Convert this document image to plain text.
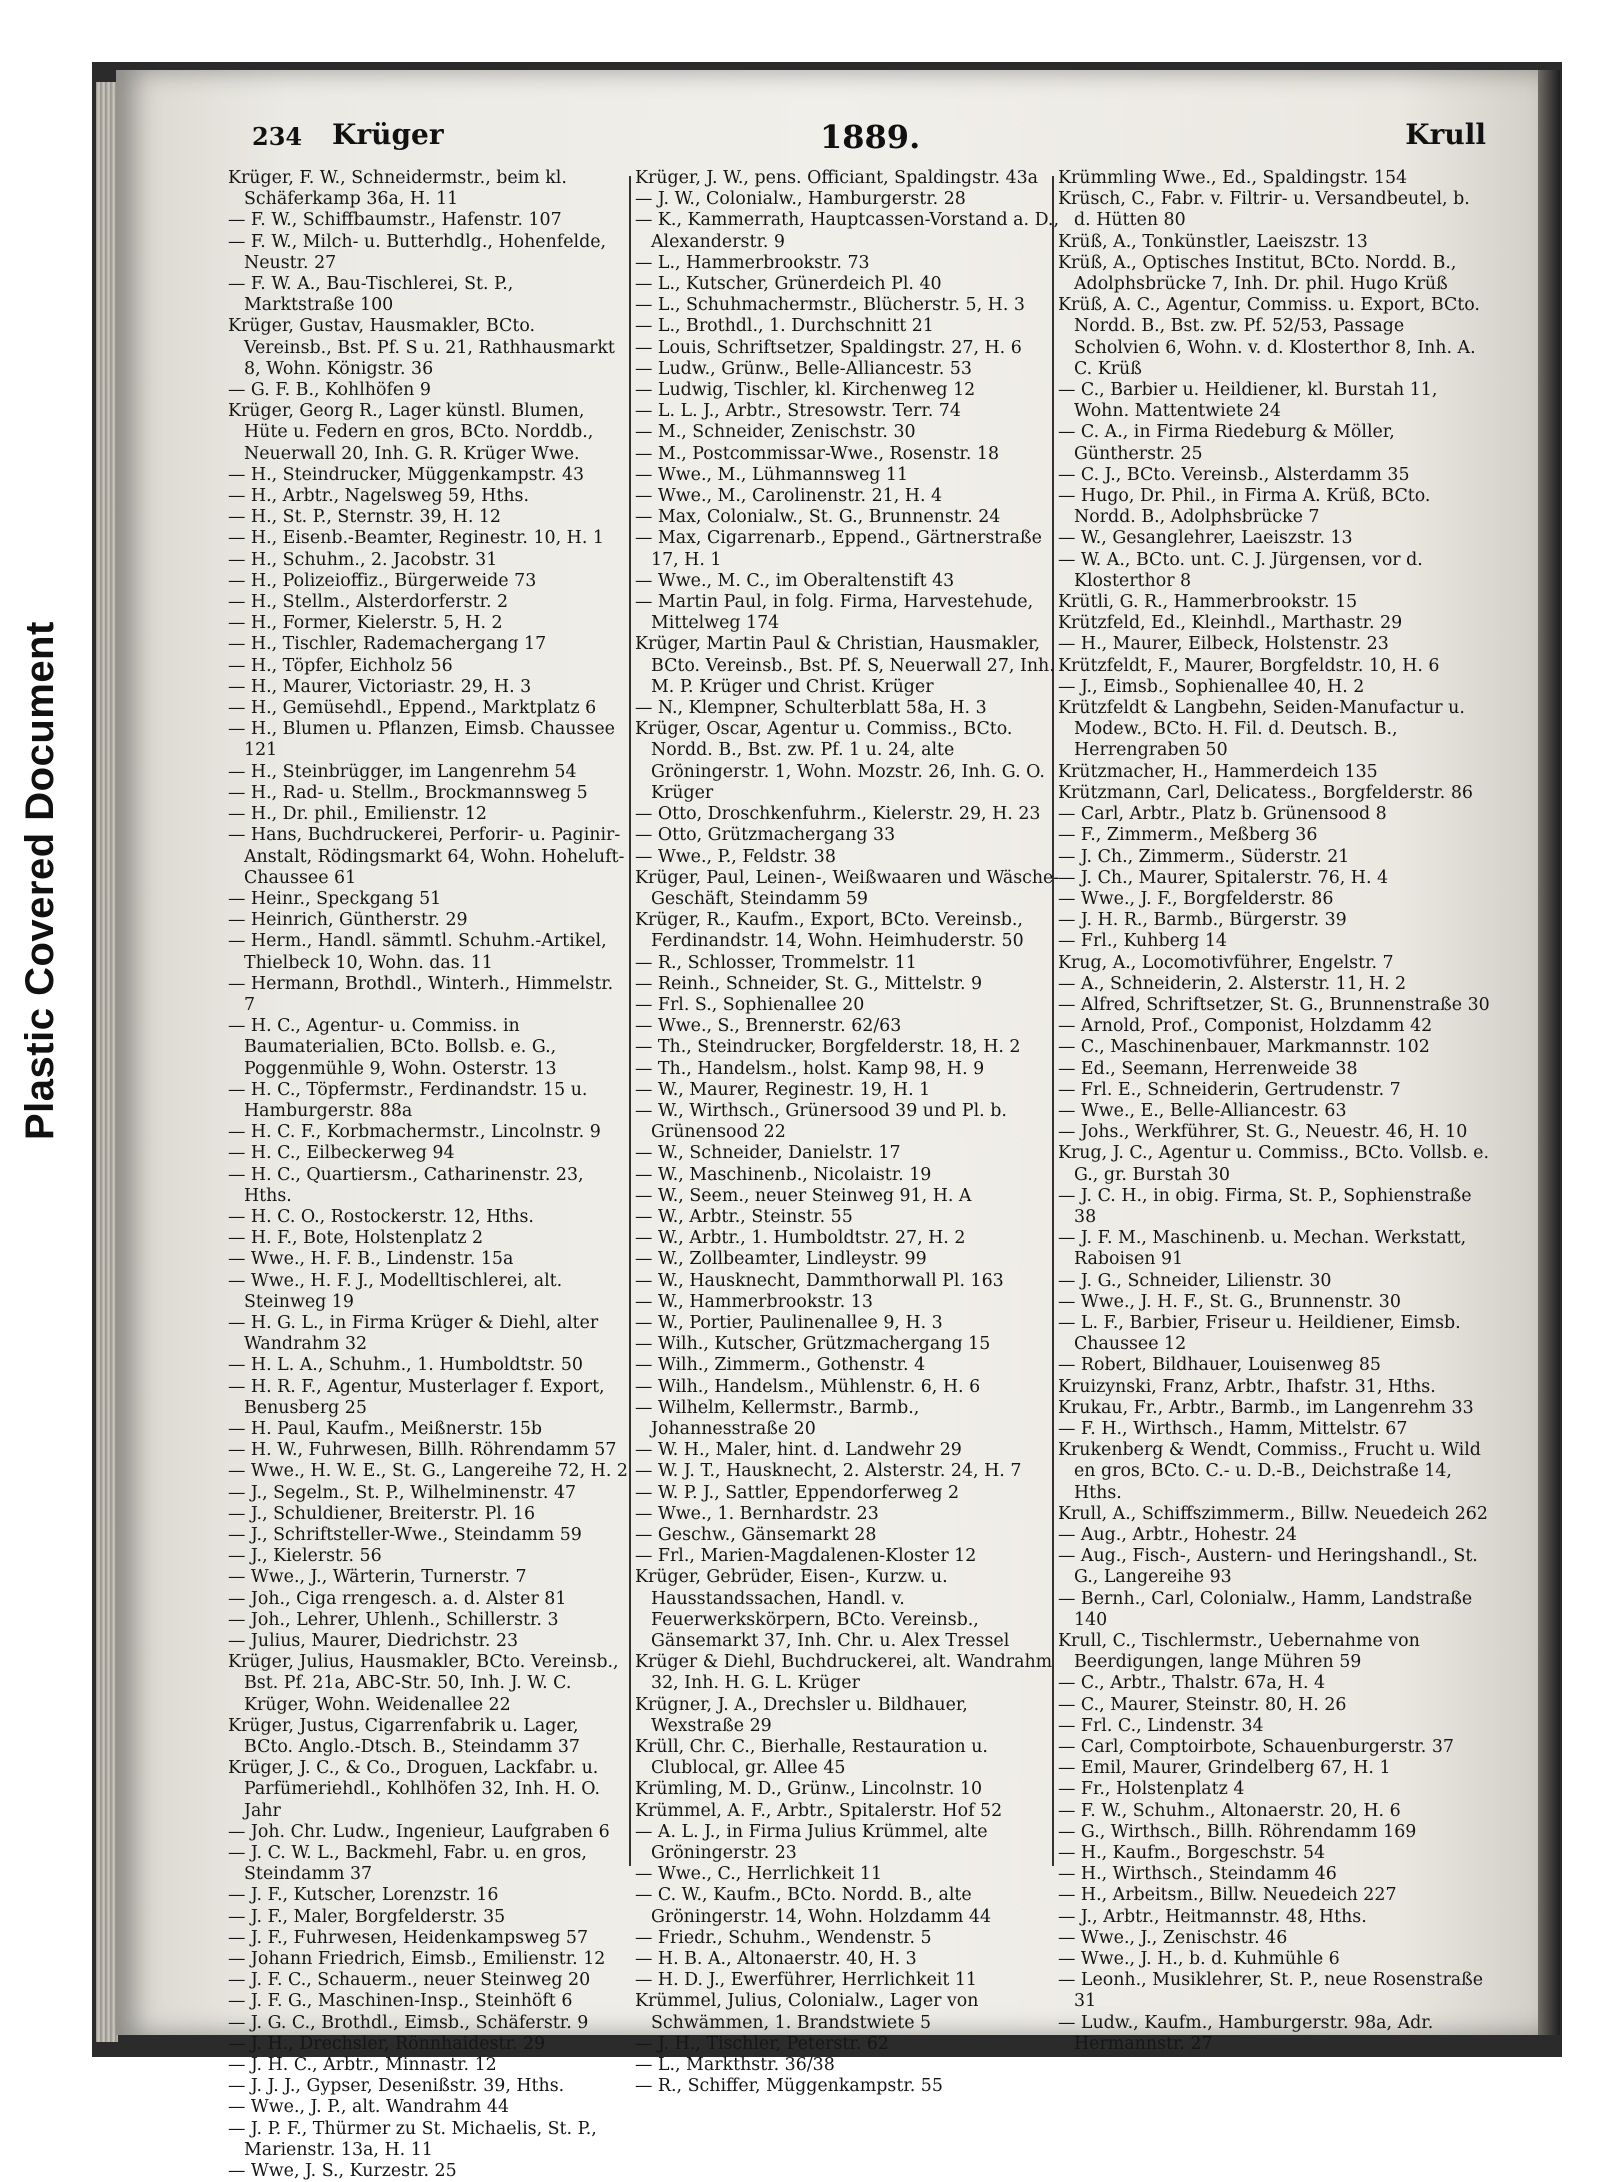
Plastic Covered Document
234 Krüger	1889.	Krull

Krüger, F. W., Schneidermstr., beim kl. Schäferkamp 36a, H. 11

— F. W., Schiffbaumstr., Hafenstr. 107

— F. W., Milch- u. Butterhdlg., Hohenfelde, Neustr. 27

— F. W. A., Bau-Tischlerei, St. P., Marktstraße 100

Krüger, Gustav, Hausmakler, BCto. Vereinsb., Bst. Pf. S u. 21, Rathhausmarkt 8, Wohn. Königstr. 36

— G. F. B., Kohlhöfen 9

Krüger, Georg R., Lager künstl. Blumen, Hüte u. Federn en gros, BCto. Norddb., Neuerwall 20, Inh. G. R. Krüger Wwe.

— H., Steindrucker, Müggenkampstr. 43

— H., Arbtr., Nagelsweg 59, Hths.

— H., St. P., Sternstr. 39, H. 12

— H., Eisenb.-Beamter, Reginestr. 10, H. 1

— H., Schuhm., 2. Jacobstr. 31

— H., Polizeioffiz., Bürgerweide 73

— H., Stellm., Alsterdorferstr. 2

— H., Former, Kielerstr. 5, H. 2

— H., Tischler, Rademachergang 17

— H., Töpfer, Eichholz 56

— H., Maurer, Victoriastr. 29, H. 3

— H., Gemüsehdl., Eppend., Marktplatz 6

— H., Blumen u. Pflanzen, Eimsb. Chaussee 121

— H., Steinbrügger, im Langenrehm 54

— H., Rad- u. Stellm., Brockmannsweg 5

— H., Dr. phil., Emilienstr. 12

— Hans, Buchdruckerei, Perforir- u. Paginir-Anstalt, Rödingsmarkt 64, Wohn. Hoheluft-Chaussee 61

— Heinr., Speckgang 51

— Heinrich, Güntherstr. 29

— Herm., Handl. sämmtl. Schuhm.-Artikel, Thielbeck 10, Wohn. das. 11

— Hermann, Brothdl., Winterh., Himmelstr. 7

— H. C., Agentur- u. Commiss. in Baumaterialien, BCto. Bollsb. e. G., Poggenmühle 9, Wohn. Osterstr. 13

— H. C., Töpfermstr., Ferdinandstr. 15 u. Hamburgerstr. 88a

— H. C. F., Korbmachermstr., Lincolnstr. 9

— H. C., Eilbeckerweg 94

— H. C., Quartiersm., Catharinenstr. 23, Hths.

— H. C. O., Rostockerstr. 12, Hths.

— H. F., Bote, Holstenplatz 2

— Wwe., H. F. B., Lindenstr. 15a

— Wwe., H. F. J., Modelltischlerei, alt. Steinweg 19

— H. G. L., in Firma Krüger & Diehl, alter Wandrahm 32

— H. L. A., Schuhm., 1. Humboldtstr. 50

— H. R. F., Agentur, Musterlager f. Export, Benusberg 25

— H. Paul, Kaufm., Meißnerstr. 15b

— H. W., Fuhrwesen, Billh. Röhrendamm 57

— Wwe., H. W. E., St. G., Langereihe 72, H. 2

— J., Segelm., St. P., Wilhelminenstr. 47

— J., Schuldiener, Breiterstr. Pl. 16

— J., Schriftsteller-Wwe., Steindamm 59

— J., Kielerstr. 56

— Wwe., J., Wärterin, Turnerstr. 7

— Joh., Ciga rrengesch. a. d. Alster 81

— Joh., Lehrer, Uhlenh., Schillerstr. 3

— Julius, Maurer, Diedrichstr. 23

Krüger, Julius, Hausmakler, BCto. Vereinsb., Bst. Pf. 21a, ABC-Str. 50, Inh. J. W. C. Krüger, Wohn. Weidenallee 22

Krüger, Justus, Cigarrenfabrik u. Lager, BCto. Anglo.-Dtsch. B., Steindamm 37

Krüger, J. C., & Co., Droguen, Lackfabr. u. Parfümeriehdl., Kohlhöfen 32, Inh. H. O. Jahr

— Joh. Chr. Ludw., Ingenieur, Laufgraben 6

— J. C. W. L., Backmehl, Fabr. u. en gros, Steindamm 37

— J. F., Kutscher, Lorenzstr. 16

— J. F., Maler, Borgfelderstr. 35

— J. F., Fuhrwesen, Heidenkampsweg 57

— Johann Friedrich, Eimsb., Emilienstr. 12

— J. F. C., Schauerm., neuer Steinweg 20

— J. F. G., Maschinen-Insp., Steinhöft 6

— J. G. C., Brothdl., Eimsb., Schäferstr. 9

— J. H., Drechsler, Rönnhaidestr. 29

— J. H. C., Arbtr., Minnastr. 12

— J. J. J., Gypser, Desenißstr. 39, Hths.

— Wwe., J. P., alt. Wandrahm 44

— J. P. F., Thürmer zu St. Michaelis, St. P., Marienstr. 13a, H. 11

— Wwe, J. S., Kurzestr. 25

Krüger, J. W., pens. Officiant, Spaldingstr. 43a

— J. W., Colonialw., Hamburgerstr. 28

— K., Kammerrath, Hauptcassen-Vorstand a. D., Alexanderstr. 9

— L., Hammerbrookstr. 73

— L., Kutscher, Grünerdeich Pl. 40

— L., Schuhmachermstr., Blücherstr. 5, H. 3

— L., Brothdl., 1. Durchschnitt 21

— Louis, Schriftsetzer, Spaldingstr. 27, H. 6

— Ludw., Grünw., Belle-Alliancestr. 53

— Ludwig, Tischler, kl. Kirchenweg 12

— L. L. J., Arbtr., Stresowstr. Terr. 74

— M., Schneider, Zenischstr. 30

— M., Postcommissar-Wwe., Rosenstr. 18

— Wwe., M., Lühmannsweg 11

— Wwe., M., Carolinenstr. 21, H. 4

— Max, Colonialw., St. G., Brunnenstr. 24

— Max, Cigarrenarb., Eppend., Gärtnerstraße 17, H. 1

— Wwe., M. C., im Oberaltenstift 43

— Martin Paul, in folg. Firma, Harvestehude, Mittelweg 174

Krüger, Martin Paul & Christian, Hausmakler, BCto. Vereinsb., Bst. Pf. S, Neuerwall 27, Inh. M. P. Krüger und Christ. Krüger

— N., Klempner, Schulterblatt 58a, H. 3

Krüger, Oscar, Agentur u. Commiss., BCto. Nordd. B., Bst. zw. Pf. 1 u. 24, alte Gröningerstr. 1, Wohn. Mozstr. 26, Inh. G. O. Krüger

— Otto, Droschkenfuhrm., Kielerstr. 29, H. 23

— Otto, Grützmachergang 33

— Wwe., P., Feldstr. 38

Krüger, Paul, Leinen-, Weißwaaren und Wäsche-Geschäft, Steindamm 59

Krüger, R., Kaufm., Export, BCto. Vereinsb., Ferdinandstr. 14, Wohn. Heimhuderstr. 50

— R., Schlosser, Trommelstr. 11

— Reinh., Schneider, St. G., Mittelstr. 9

— Frl. S., Sophienallee 20

— Wwe., S., Brennerstr. 62/63

— Th., Steindrucker, Borgfelderstr. 18, H. 2

— Th., Handelsm., holst. Kamp 98, H. 9

— W., Maurer, Reginestr. 19, H. 1

— W., Wirthsch., Grünersood 39 und Pl. b. Grünensood 22

— W., Schneider, Danielstr. 17

— W., Maschinenb., Nicolaistr. 19

— W., Seem., neuer Steinweg 91, H. A

— W., Arbtr., Steinstr. 55

— W., Arbtr., 1. Humboldtstr. 27, H. 2

— W., Zollbeamter, Lindleystr. 99

— W., Hausknecht, Dammthorwall Pl. 163

— W., Hammerbrookstr. 13

— W., Portier, Paulinenallee 9, H. 3

— Wilh., Kutscher, Grützmachergang 15

— Wilh., Zimmerm., Gothenstr. 4

— Wilh., Handelsm., Mühlenstr. 6, H. 6

— Wilhelm, Kellermstr., Barmb., Johannesstraße 20

— W. H., Maler, hint. d. Landwehr 29

— W. J. T., Hausknecht, 2. Alsterstr. 24, H. 7

— W. P. J., Sattler, Eppendorferweg 2

— Wwe., 1. Bernhardstr. 23

— Geschw., Gänsemarkt 28

— Frl., Marien-Magdalenen-Kloster 12

Krüger, Gebrüder, Eisen-, Kurzw. u. Hausstandssachen, Handl. v. Feuerwerkskörpern, BCto. Vereinsb., Gänsemarkt 37, Inh. Chr. u. Alex Tressel

Krüger & Diehl, Buchdruckerei, alt. Wandrahm 32, Inh. H. G. L. Krüger

Krügner, J. A., Drechsler u. Bildhauer, Wexstraße 29

Krüll, Chr. C., Bierhalle, Restauration u. Clublocal, gr. Allee 45

Krümling, M. D., Grünw., Lincolnstr. 10

Krümmel, A. F., Arbtr., Spitalerstr. Hof 52

— A. L. J., in Firma Julius Krümmel, alte Gröningerstr. 23

— Wwe., C., Herrlichkeit 11

— C. W., Kaufm., BCto. Nordd. B., alte Gröningerstr. 14, Wohn. Holzdamm 44

— Friedr., Schuhm., Wendenstr. 5

— H. B. A., Altonaerstr. 40, H. 3

— H. D. J., Ewerführer, Herrlichkeit 11

Krümmel, Julius, Colonialw., Lager von Schwämmen, 1. Brandstwiete 5

— J. H., Tischler, Peterstr. 62

— L., Markthstr. 36/38

— R., Schiffer, Müggenkampstr. 55

Krümmling Wwe., Ed., Spaldingstr. 154

Krüsch, C., Fabr. v. Filtrir- u. Versandbeutel, b. d. Hütten 80

Krüß, A., Tonkünstler, Laeiszstr. 13

Krüß, A., Optisches Institut, BCto. Nordd. B., Adolphsbrücke 7, Inh. Dr. phil. Hugo Krüß

Krüß, A. C., Agentur, Commiss. u. Export, BCto. Nordd. B., Bst. zw. Pf. 52/53, Passage Scholvien 6, Wohn. v. d. Klosterthor 8, Inh. A. C. Krüß

— C., Barbier u. Heildiener, kl. Burstah 11, Wohn. Mattentwiete 24

— C. A., in Firma Riedeburg & Möller, Güntherstr. 25

— C. J., BCto. Vereinsb., Alsterdamm 35

— Hugo, Dr. Phil., in Firma A. Krüß, BCto. Nordd. B., Adolphsbrücke 7

— W., Gesanglehrer, Laeiszstr. 13

— W. A., BCto. unt. C. J. Jürgensen, vor d. Klosterthor 8

Krütli, G. R., Hammerbrookstr. 15

Krützfeld, Ed., Kleinhdl., Marthastr. 29

— H., Maurer, Eilbeck, Holstenstr. 23

Krützfeldt, F., Maurer, Borgfeldstr. 10, H. 6

— J., Eimsb., Sophienallee 40, H. 2

Krützfeldt & Langbehn, Seiden-Manufactur u. Modew., BCto. H. Fil. d. Deutsch. B., Herrengraben 50

Krützmacher, H., Hammerdeich 135

Krützmann, Carl, Delicatess., Borgfelderstr. 86

— Carl, Arbtr., Platz b. Grünensood 8

— F., Zimmerm., Meßberg 36

— J. Ch., Zimmerm., Süderstr. 21

— J. Ch., Maurer, Spitalerstr. 76, H. 4

— Wwe., J. F., Borgfelderstr. 86

— J. H. R., Barmb., Bürgerstr. 39

— Frl., Kuhberg 14

Krug, A., Locomotivführer, Engelstr. 7

— A., Schneiderin, 2. Alsterstr. 11, H. 2

— Alfred, Schriftsetzer, St. G., Brunnenstraße 30

— Arnold, Prof., Componist, Holzdamm 42

— C., Maschinenbauer, Markmannstr. 102

— Ed., Seemann, Herrenweide 38

— Frl. E., Schneiderin, Gertrudenstr. 7

— Wwe., E., Belle-Alliancestr. 63

— Johs., Werkführer, St. G., Neuestr. 46, H. 10

Krug, J. C., Agentur u. Commiss., BCto. Vollsb. e. G., gr. Burstah 30

— J. C. H., in obig. Firma, St. P., Sophienstraße 38

— J. F. M., Maschinenb. u. Mechan. Werkstatt, Raboisen 91

— J. G., Schneider, Lilienstr. 30

— Wwe., J. H. F., St. G., Brunnenstr. 30

— L. F., Barbier, Friseur u. Heildiener, Eimsb. Chaussee 12

— Robert, Bildhauer, Louisenweg 85

Kruizynski, Franz, Arbtr., Ihafstr. 31, Hths.

Krukau, Fr., Arbtr., Barmb., im Langenrehm 33

— F. H., Wirthsch., Hamm, Mittelstr. 67

Krukenberg & Wendt, Commiss., Frucht u. Wild en gros, BCto. C.- u. D.-B., Deichstraße 14, Hths.

Krull, A., Schiffszimmerm., Billw. Neuedeich 262

— Aug., Arbtr., Hohestr. 24

— Aug., Fisch-, Austern- und Heringshandl., St. G., Langereihe 93

— Bernh., Carl, Colonialw., Hamm, Landstraße 140

Krull, C., Tischlermstr., Uebernahme von Beerdigungen, lange Mühren 59

— C., Arbtr., Thalstr. 67a, H. 4

— C., Maurer, Steinstr. 80, H. 26

— Frl. C., Lindenstr. 34

— Carl, Comptoirbote, Schauenburgerstr. 37

— Emil, Maurer, Grindelberg 67, H. 1

— Fr., Holstenplatz 4

— F. W., Schuhm., Altonaerstr. 20, H. 6

— G., Wirthsch., Billh. Röhrendamm 169

— H., Kaufm., Borgeschstr. 54

— H., Wirthsch., Steindamm 46

— H., Arbeitsm., Billw. Neuedeich 227

— J., Arbtr., Heitmannstr. 48, Hths.

— Wwe., J., Zenischstr. 46

— Wwe., J. H., b. d. Kuhmühle 6

— Leonh., Musiklehrer, St. P., neue Rosenstraße 31

— Ludw., Kaufm., Hamburgerstr. 98a, Adr. Hermannstr. 27
